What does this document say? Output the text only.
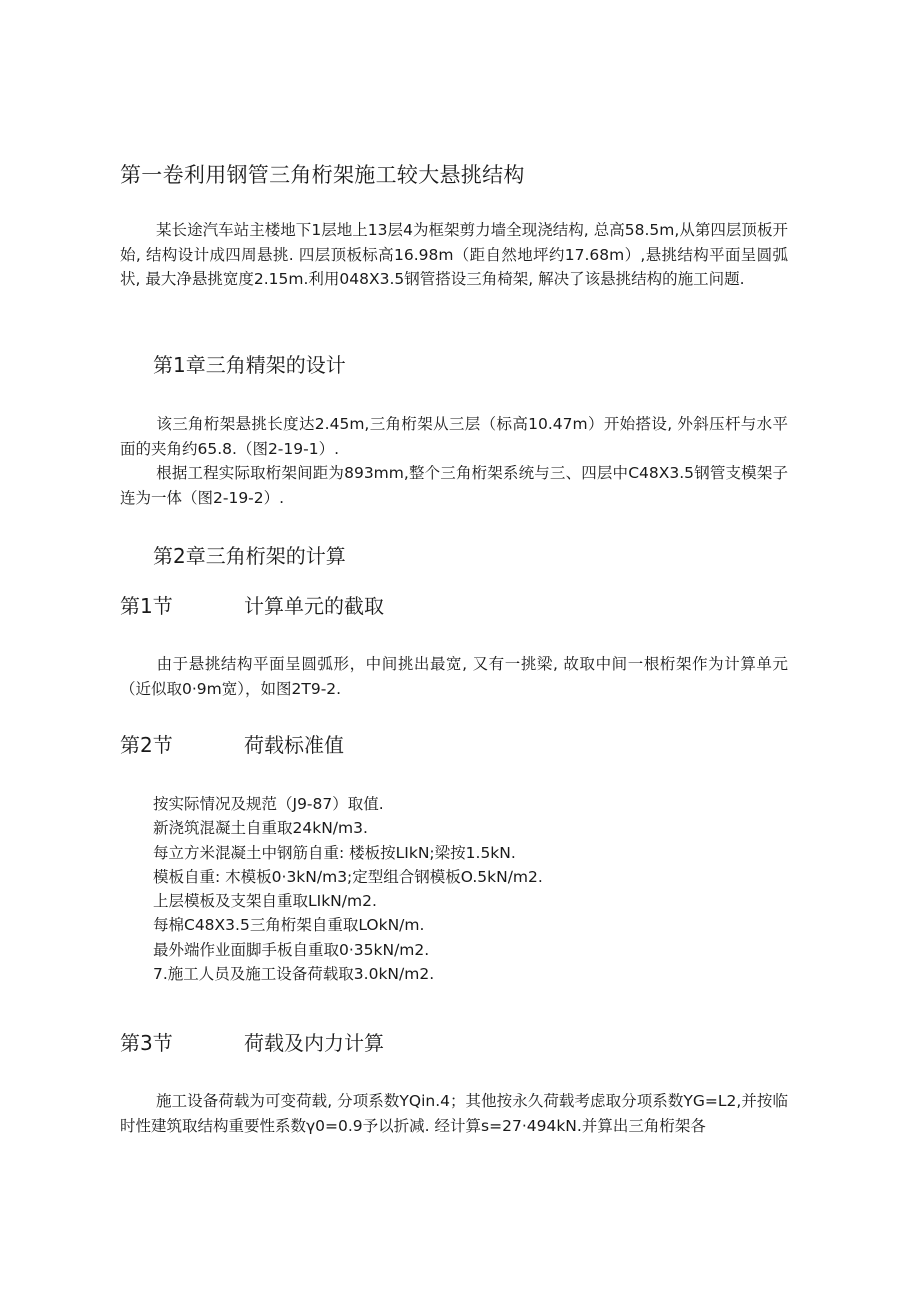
第一卷利用钢管三角桁架施工较大悬挑结构

某长途汽车站主楼地下1层地上13层4为框架剪力墙全现浇结构, 总高58.5m,从第四层顶板开始, 结构设计成四周悬挑. 四层顶板标高16.98m（距自然地坪约17.68m）,悬挑结构平面呈圆弧状, 最大净悬挑宽度2.15m.利用048X3.5钢管搭设三角椅架, 解决了该悬挑结构的施工问题.

第1章三角精架的设计

该三角桁架悬挑长度达2.45m,三角桁架从三层（标高10.47m）开始搭设, 外斜压杆与水平面的夹角约65.8.（图2-19-1）.

根据工程实际取桁架间距为893mm,整个三角桁架系统与三、四层中C48X3.5钢管支模架子连为一体（图2-19-2）.

第2章三角桁架的计算
第1节	计算单元的截取

由于悬挑结构平面呈圆弧形，中间挑出最宽, 又有一挑梁, 故取中间一根桁架作为计算单元（近似取0·9m宽），如图2T9-2.

第2节	荷载标准值
按实际情况及规范（J9-87）取值.
新浇筑混凝土自重取24kN∕m3.
每立方米混凝土中钢筋自重: 楼板按LIkN;梁按1.5kN.
模板自重: 木模板0·3kN∕m3;定型组合钢模板O.5kN∕m2.
上层模板及支架自重取LIkN/m2.
每棉C48X3.5三角桁架自重取LOkN/m.
最外端作业面脚手板自重取0·35kN∕m2.
7.施工人员及施工设备荷载取3.0kN∕m2.
第3节	荷载及内力计算

施工设备荷载为可变荷载, 分项系数YQin.4；其他按永久荷载考虑取分项系数YG=L2,并按临时性建筑取结构重要性系数γ0=0.9予以折减. 经计算s=27·494kN.并算出三角桁架各
